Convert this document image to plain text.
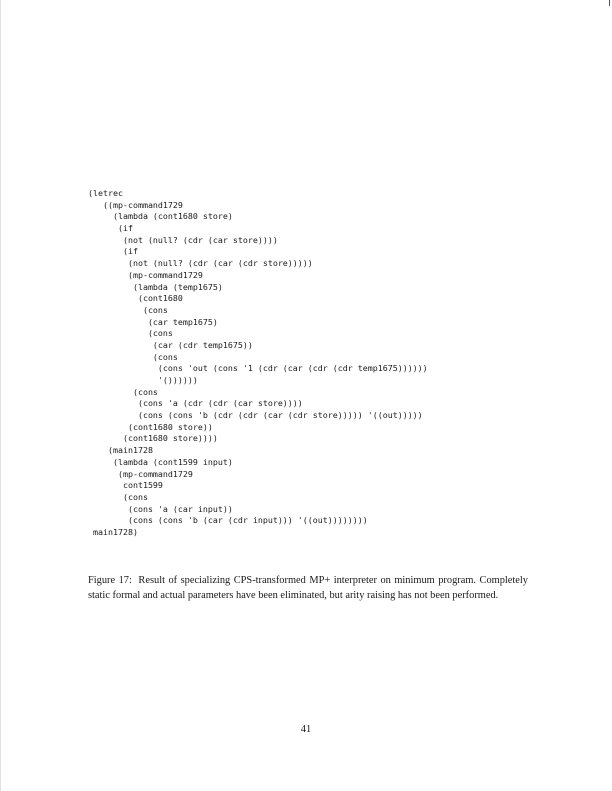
(letrec
((mp-command1729
(lambda (cont1680 store)
(if
(not (null? (cdr (car store))))
(if
(not (null? (cdr (car (cdr store)))))
(mp-command1729
(lambda (temp1675)
(cont1680
(cons
(car temp1675)
(cons
(car (cdr temp1675))
(cons
(cons 'out (cons '1 (cdr (car (cdr (cdr temp1675))))))
'())))))
(cons
(cons 'a (cdr (cdr (car store))))
(cons (cons 'b (cdr (cdr (car (cdr store))))) '((out)))))
(cont1680 store))
(cont1680 store))))
(main1728
(lambda (cont1599 input)
(mp-command1729
cont1599
(cons
(cons 'a (car input))
(cons (cons 'b (car (cdr input))) '((out))))))))
main1728)

Figure 17: Result of specializing CPS-transformed MP+ interpreter on minimum program. Completely static formal and actual parameters have been eliminated, but arity raising has not been performed.

41
